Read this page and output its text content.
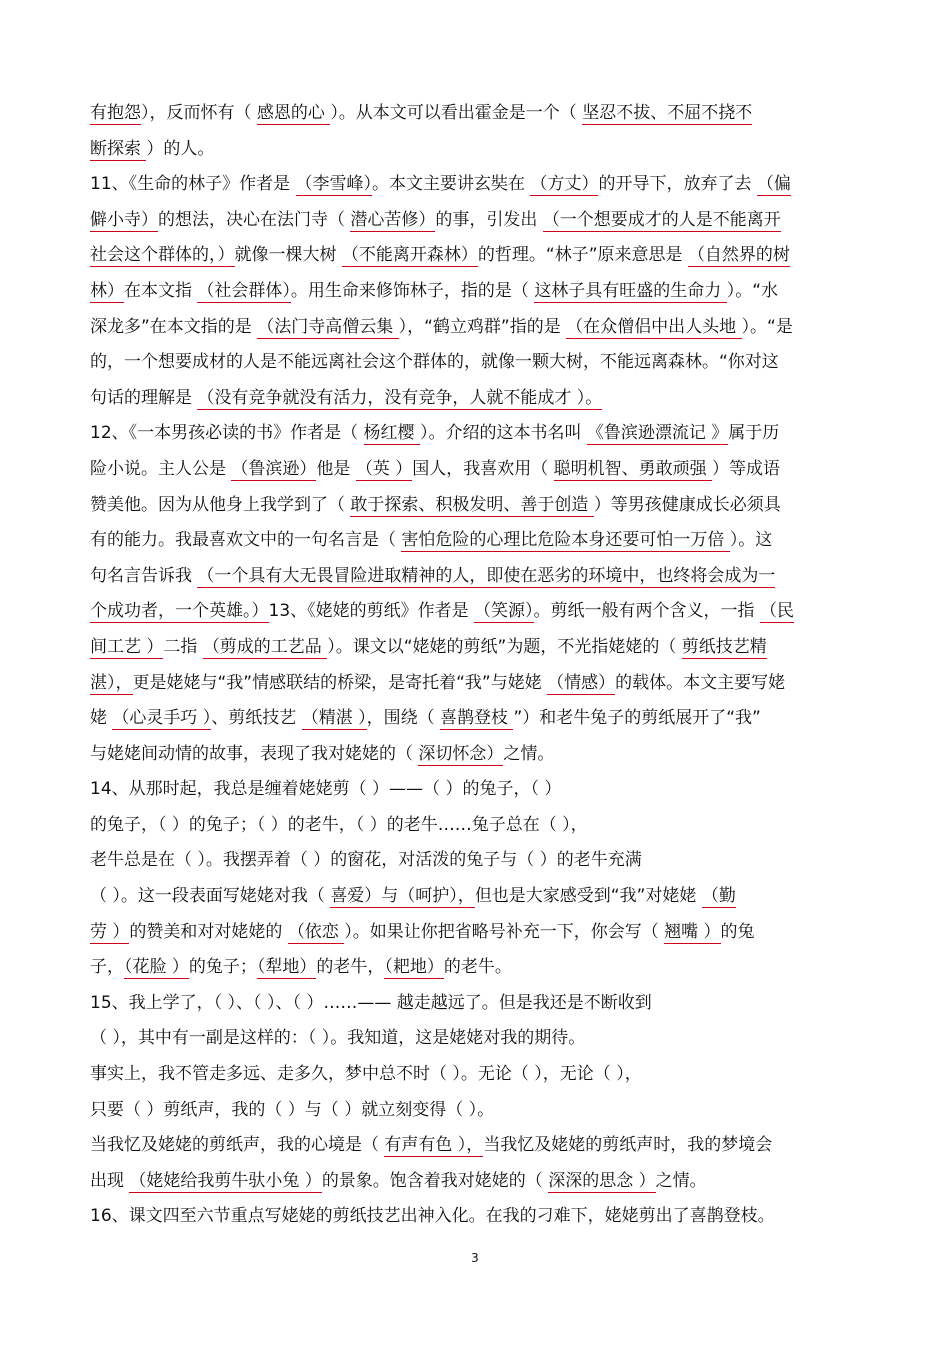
有抱怨），反而怀有（ 感恩的心 ）。从本文可以看出霍金是一个（ 坚忍不拔、不屈不挠不
断探索 ）的人。
11、《生命的林子》作者是 （李雪峰）。本文主要讲玄奘在 （方丈）的开导下，放弃了去 （偏
僻小寺）的想法，决心在法门寺（ 潜心苦修）的事，引发出 （一个想要成才的人是不能离开
社会这个群体的，）就像一棵大树 （不能离开森林）的哲理。“林子”原来意思是 （自然界的树
林）在本文指 （社会群体）。用生命来修饰林子，指的是（ 这林子具有旺盛的生命力 ）。“水
深龙多”在本文指的是 （法门寺高僧云集 ），“鹤立鸡群”指的是 （在众僧侣中出人头地 ）。“是
的，一个想要成材的人是不能远离社会这个群体的，就像一颗大树，不能远离森林。“你对这
句话的理解是 （没有竞争就没有活力，没有竞争，人就不能成才 ）。
12、《一本男孩必读的书》作者是（ 杨红樱 ）。介绍的这本书名叫 《鲁滨逊漂流记 》属于历
险小说。主人公是 （鲁滨逊）他是 （英 ）国人，我喜欢用（ 聪明机智、勇敢顽强 ）等成语
赞美他。因为从他身上我学到了（ 敢于探索、积极发明、善于创造 ）等男孩健康成长必须具
有的能力。我最喜欢文中的一句名言是（ 害怕危险的心理比危险本身还要可怕一万倍 ）。这
句名言告诉我 （一个具有大无畏冒险进取精神的人，即使在恶劣的环境中，也终将会成为一
个成功者，一个英雄。）13、《姥姥的剪纸》作者是 （笑源）。剪纸一般有两个含义，一指 （民
间工艺 ）二指 （剪成的工艺品 ）。课文以“姥姥的剪纸”为题，不光指姥姥的（ 剪纸技艺精
湛），更是姥姥与“我”情感联结的桥梁，是寄托着“我”与姥姥 （情感）的载体。本文主要写姥
姥 （心灵手巧 ）、剪纸技艺 （精湛 ），围绕（ 喜鹊登枝 ”）和老牛兔子的剪纸展开了“我”
与姥姥间动情的故事，表现了我对姥姥的（ 深切怀念）之情。
14、从那时起，我总是缠着姥姥剪（ ）——（ ）的兔子，（ ）
的兔子，（ ）的兔子；（ ）的老牛，（ ）的老牛……兔子总在（ ），
老牛总是在（ ）。我摆弄着（ ）的窗花，对活泼的兔子与（ ）的老牛充满
（ ）。这一段表面写姥姥对我（ 喜爱）与（呵护），但也是大家感受到“我”对姥姥 （勤
劳 ）的赞美和对对姥姥的 （依恋 ）。如果让你把省略号补充一下，你会写（ 翘嘴 ）的兔
子，（花脸 ）的兔子；（犁地）的老牛，（耙地）的老牛。
15、我上学了，（ ）、（ ）、（ ）……—— 越走越远了。但是我还是不断收到
（ ），其中有一副是这样的：（ ）。我知道，这是姥姥对我的期待。
事实上，我不管走多远、走多久，梦中总不时（ ）。无论（ ），无论（ ），
只要（ ）剪纸声，我的（ ）与（ ）就立刻变得（ ）。
当我忆及姥姥的剪纸声，我的心境是（ 有声有色 ），当我忆及姥姥的剪纸声时，我的梦境会
出现 （姥姥给我剪牛驮小兔 ）的景象。饱含着我对姥姥的（ 深深的思念 ）之情。
16、课文四至六节重点写姥姥的剪纸技艺出神入化。在我的刁难下，姥姥剪出了喜鹊登枝。
3
